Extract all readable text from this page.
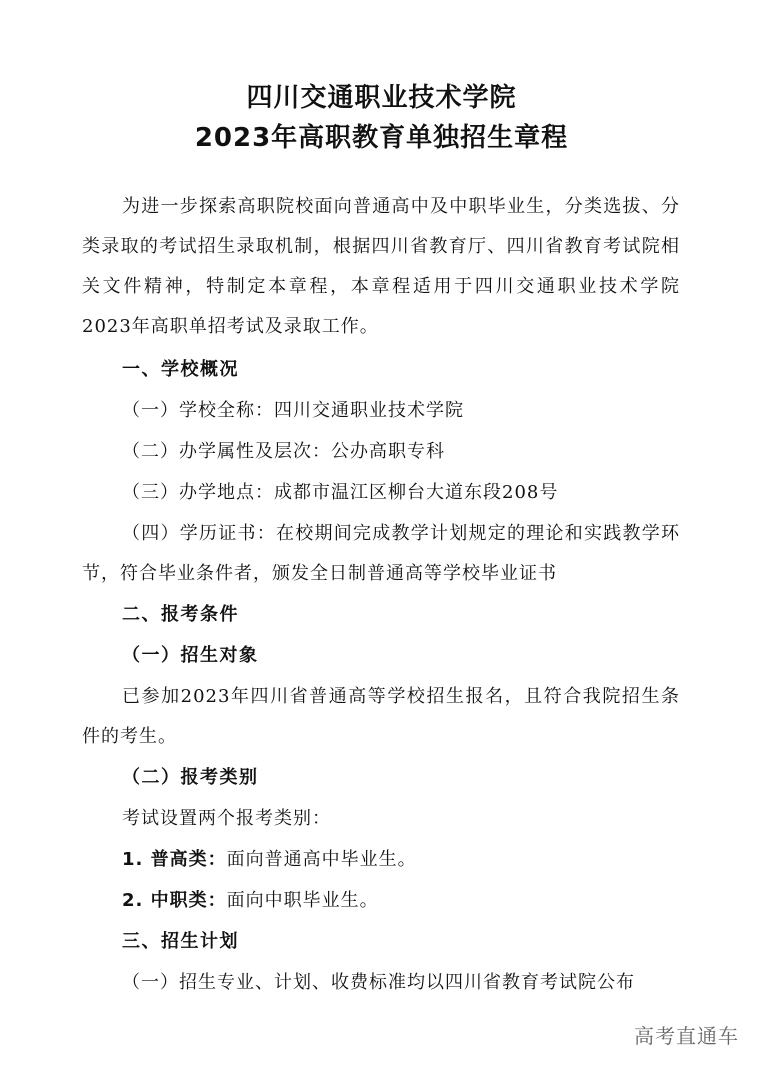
四川交通职业技术学院
2023年高职教育单独招生章程
为进一步探索高职院校面向普通高中及中职毕业生，分类选拔、分类录取的考试招生录取机制，根据四川省教育厅、四川省教育考试院相关文件精神，特制定本章程，本章程适用于四川交通职业技术学院2023年高职单招考试及录取工作。
一、学校概况
（一）学校全称：四川交通职业技术学院
（二）办学属性及层次：公办高职专科
（三）办学地点：成都市温江区柳台大道东段208号
（四）学历证书：在校期间完成教学计划规定的理论和实践教学环节，符合毕业条件者，颁发全日制普通高等学校毕业证书
二、报考条件
（一）招生对象
已参加2023年四川省普通高等学校招生报名，且符合我院招生条件的考生。
（二）报考类别
考试设置两个报考类别：
1. 普高类：面向普通高中毕业生。
2. 中职类：面向中职毕业生。
三、招生计划
（一）招生专业、计划、收费标准均以四川省教育考试院公布
高考直通车
